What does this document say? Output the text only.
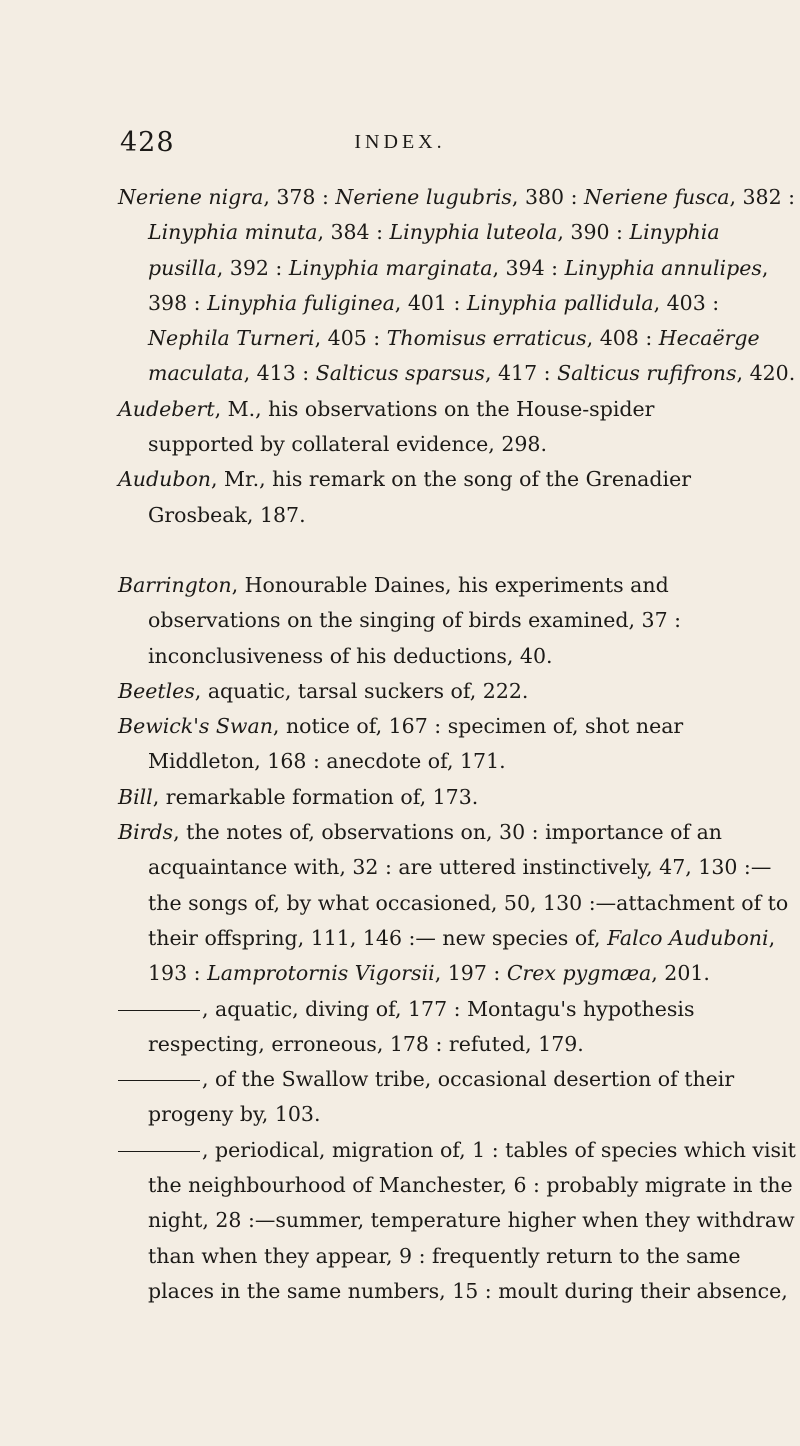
428	INDEX.

Neriene nigra, 378 : Neriene lugubris, 380 : Neriene fusca, 382 : Linyphia minuta, 384 : Linyphia luteola, 390 : Linyphia pusilla, 392 : Linyphia marginata, 394 : Linyphia annulipes, 398 : Linyphia fuliginea, 401 : Linyphia pallidula, 403 : Nephila Turneri, 405 : Thomisus erraticus, 408 : Hecaërge maculata, 413 : Salticus sparsus, 417 : Salticus rufifrons, 420.

Audebert, M., his observations on the House-spider supported by collateral evidence, 298.

Audubon, Mr., his remark on the song of the Grenadier Grosbeak, 187.

Barrington, Honourable Daines, his experiments and observations on the singing of birds examined, 37 : inconclusiveness of his deductions, 40.

Beetles, aquatic, tarsal suckers of, 222.

Bewick's Swan, notice of, 167 : specimen of, shot near Middleton, 168 : anecdote of, 171.

Bill, remarkable formation of, 173.

Birds, the notes of, observations on, 30 : importance of an acquaintance with, 32 : are uttered instinctively, 47, 130 :—the songs of, by what occasioned, 50, 130 :—attachment of to their offspring, 111, 146 :— new species of, Falco Auduboni, 193 : Lamprotornis Vigorsii, 197 : Crex pygmæa, 201.

, aquatic, diving of, 177 : Montagu's hypothesis respecting, erroneous, 178 : refuted, 179.

, of the Swallow tribe, occasional desertion of their progeny by, 103.

, periodical, migration of, 1 : tables of species which visit the neighbourhood of Manchester, 6 : probably migrate in the night, 28 :—summer, temperature higher when they withdraw than when they appear, 9 : frequently return to the same places in the same numbers, 15 : moult during their absence,
